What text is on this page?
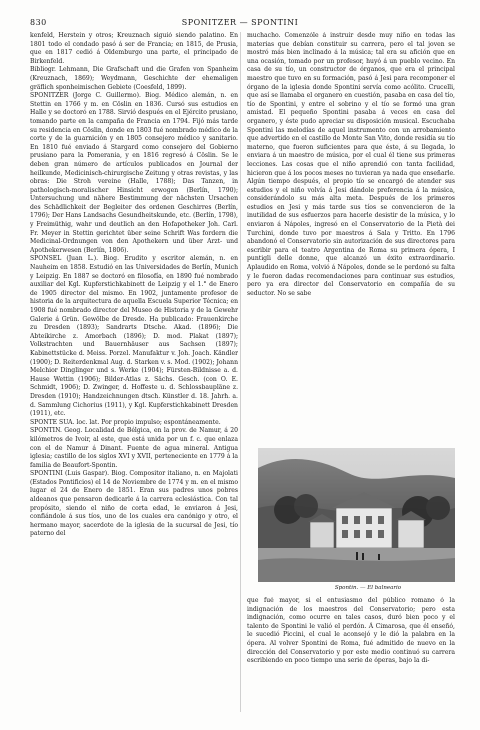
830	SPONITZER — SPONTINI

kenfeld, Herstein y otros; Kreuznach siguió siendo palatino. En 1801 todo el condado pasó á ser de Francia; en 1815, de Prusia, que en 1817 cedió á Oldemburgo una parte, el principado de Birkenfeld.

Bibliogr. Lehmann, Die Grafschaft und die Grafen von Spanheim (Kreuznach, 1869); Weydmann, Geschichte der ehemaligen gräflich sponheimischen Gebiete (Coesfeld, 1899).

SPONITZER (Jorge C. Guillermo). Biog. Médico alemán, n. en Stettin en 1766 y m. en Cöslin en 1836. Cursó sus estudios en Halle y se doctoró en 1788. Sirvió después en el Ejército prusiano, tomando parte en la campaña de Francia en 1794. Fijó más tarde su residencia en Cöslin, donde en 1803 fué nombrado médico de la corte y de la guarnición y en 1805 consejero médico y sanitario. En 1810 fué enviado á Stargard como consejero del Gobierno prusiano para la Pomerania, y en 1816 regresó á Cöslin. Se le deben gran número de artículos publicados en Journal der heilkunde, Medicinisch-chirurgische Zeitung y otras revistas, y las obras: Die Stroh vereine (Halle, 1788); Das Tanzen, in pathologisch-moralischer Hinsicht erwogen (Berlín, 1790); Untersuchung und nähere Bestimmung der nächsten Ursachen des Schädlichkeit der Begleiter des ordenen Geschirres (Berlín, 1796); Der Hans Landsachs Gesundheitskunde, etc. (Berlín, 1798), y Freimüthig, wahr und deutlich an den Hofapotheker Joh. Carl. Fr. Meyer in Stettin gerichtet über seine Schrift Was fordern die Medicinal-Ordnungen von den Apothekern und über Arzt- und Apothekerwesen (Berlín, 1806).

SPONSEL (Juan L.). Biog. Erudito y escritor alemán, n. en Nauheim en 1858. Estudió en las Universidades de Berlín, Munich y Leipzig. En 1887 se doctoró en filosofía, en 1890 fué nombrado auxiliar del Kgl. Kupferstichkabinett de Leipzig y el 1.° de Enero de 1905 director del mismo. En 1902, juntamente profesor de historia de la arquitectura de aquella Escuela Superior Técnica; en 1908 fué nombrado director del Museo de Historia y de la Gewehr Galerie á Grün. Gewölbe de Dresde. Ha publicado: Frauenkirche zu Dresden (1893); Sandrarts Dtsche. Akad. (1896); Die Abteikirche z. Amorbach (1896); D. mod. Plakat (1897); Volkstrachten und Bauernhäuser aus Sachsen (1897); Kabinettstücke d. Meiss. Porzel. Manufaktur v. Joh. Joach. Kändler (1900); D. Reiterdenkmal Aug. d. Starken v. s. Mod. (1902); Johann Melchior Dinglinger und s. Werke (1904); Fürsten-Bildnisse a. d. Hause Wettin (1906); Bilder-Atlas z. Sächs. Gesch. (con O. E. Schmidt, 1906); D. Zwinger, d. Hoffeste u. d. Schlossbaupläne z. Dresden (1910); Handzeichnungen dtsch. Künstler d. 18. Jahrh. a. d. Sammlung Cichorius (1911), y Kgl. Kupferstichkabinett Dresden (1911), etc.

SPONTE SUA. loc. lat. Por propio impulso; espontáneamente.

SPONTIN. Geog. Localidad de Bélgica, en la prov. de Namur, á 20 kilómetros de Ivoir, al este, que está unida por un f. c. que enlaza con el de Namur á Dinant. Fuente de agua mineral. Antigua iglesia; castillo de los siglos XVI y XVII, perteneciente en 1779 á la familia de Beaufort-Spontin.

SPONTINI (Luis Gaspar). Biog. Compositor italiano, n. en Majolati (Estados Pontificios) el 14 de Noviembre de 1774 y m. en el mismo lugar el 24 de Enero de 1851. Eran sus padres unos pobres aldeanos que pensaron dedicarle á la carrera eclesiástica. Con tal propósito, siendo el niño de corta edad, le enviaron á Jesi, confiándole á sus tíos, uno de los cuales era canónigo y otro, el hermano mayor, sacerdote de la iglesia de la sucursal de Jesi, tío paterno del

muchacho. Comenzóle á instruir desde muy niño en todas las materias que debían constituir su carrera, pero el tal joven se mostró más bien inclinado á la música; tal era su afición que en una ocasión, tomado por un profesor, huyó á un pueblo vecino. En casa de su tío, un constructor de órganos, que era el principal maestro que tuvo en su formación, pasó á Jesi para recomponer el órgano de la iglesia donde Spontini servía como acólito. Crucelli, que así se llamaba el organero en cuestión, pasaba en casa del tío, tío de Spontini, y entre el sobrino y el tío se formó una gran amistad. El pequeño Spontini pasaba á veces en casa del organero, y éste pudo apreciar su disposición musical. Escuchaba Spontini las melodías de aquel instrumento con un arrobamiento que advertido en el castillo de Monte San Vito, donde residía su tío materno, que fueron suficientes para que éste, á su llegada, lo enviara á un maestro de música, por el cual él tiene sus primeras lecciones. Las cosas que el niño aprendió con tanta facilidad, hicieron que á los pocos meses no tuvieran ya nada que enseñarle. Algún tiempo después, el propio tío se encargó de atender sus estudios y el niño volvía á Jesi dándole preferencia á la música, considerándolo su más alta meta. Después de los primeros estudios en Jesi y más tarde sus tíos se convencieron de la inutilidad de sus esfuerzos para hacerle desistir de la música, y lo enviaron á Nápoles, ingresó en el Conservatorio de la Pietà dei Turchini, donde tuvo por maestros á Sala y Tritto. En 1796 abandonó el Conservatorio sin autorización de sus directores para escribir para el teatro Argentina de Roma su primera ópera, I puntigli delle donne, que alcanzó un éxito extraordinario. Aplaudido en Roma, volvió á Nápoles, donde se le perdonó su falta y le fueron dadas recomendaciones para continuar sus estudios, pero ya era director del Conservatorio en compañía de su seductor. No se sabe

Spontin. — El balneario

que fué mayor, si el entusiasmo del público romano ó la indignación de los maestros del Conservatorio; pero esta indignación, como ocurre en tales casos, duró bien poco y el talento de Spontini le valió el perdón. Á Cimarosa, que él enseñó, le sucedió Piccini, el cual le aconsejó y le dió la palabra en la ópera. Al volver Spontini de Roma, fué admitido de nuevo en la dirección del Conservatorio y por este medio continuó su carrera escribiendo en poco tiempo una serie de óperas, bajo la di-
